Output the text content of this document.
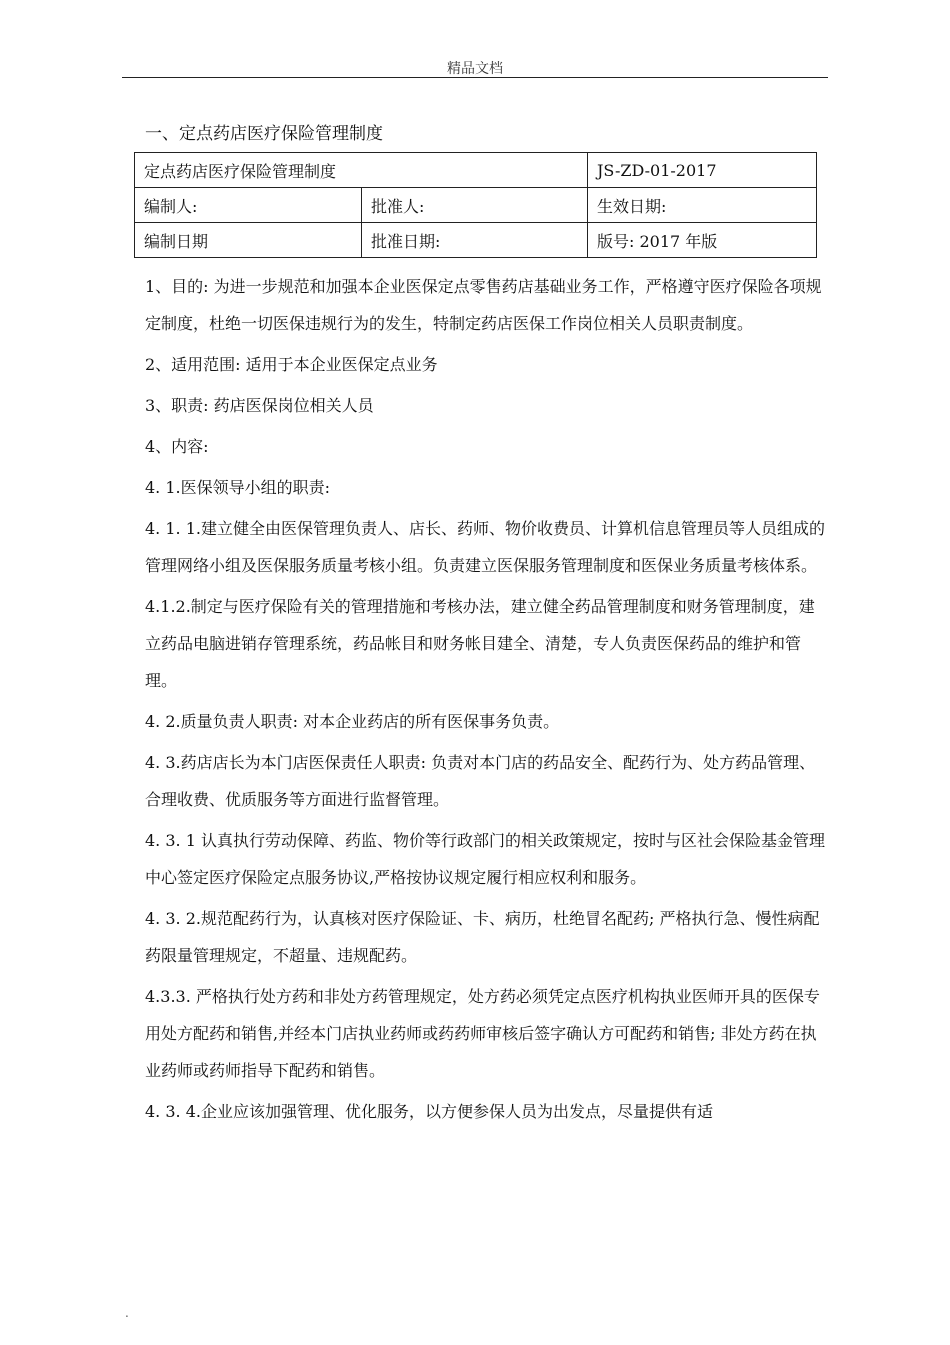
精品文档
一、定点药店医疗保险管理制度
定点药店医疗保险管理制度		JS-ZD-01-2017
编制人:	批准人:	生效日期:
编制日期	批准日期:	版号: 2017 年版

1、目的: 为进一步规范和加强本企业医保定点零售药店基础业务工作，严格遵守医疗保险各项规定制度，杜绝一切医保违规行为的发生，特制定药店医保工作岗位相关人员职责制度。

2、适用范围: 适用于本企业医保定点业务

3、职责: 药店医保岗位相关人员

4、内容:

4. 1.医保领导小组的职责:

4. 1. 1.建立健全由医保管理负责人、店长、药师、物价收费员、计算机信息管理员等人员组成的管理网络小组及医保服务质量考核小组。负责建立医保服务管理制度和医保业务质量考核体系。

4.1.2.制定与医疗保险有关的管理措施和考核办法，建立健全药品管理制度和财务管理制度，建立药品电脑进销存管理系统，药品帐目和财务帐目建全、清楚，专人负责医保药品的维护和管理。

4. 2.质量负责人职责: 对本企业药店的所有医保事务负责。

4. 3.药店店长为本门店医保责任人职责: 负责对本门店的药品安全、配药行为、处方药品管理、合理收费、优质服务等方面进行监督管理。

4. 3. 1 认真执行劳动保障、药监、物价等行政部门的相关政策规定，按时与区社会保险基金管理中心签定医疗保险定点服务协议,严格按协议规定履行相应权利和服务。

4. 3. 2.规范配药行为，认真核对医疗保险证、卡、病历，杜绝冒名配药; 严格执行急、慢性病配药限量管理规定，不超量、违规配药。

4.3.3. 严格执行处方药和非处方药管理规定，处方药必须凭定点医疗机构执业医师开具的医保专用处方配药和销售,并经本门店执业药师或药药师审核后签字确认方可配药和销售; 非处方药在执业药师或药师指导下配药和销售。

4. 3. 4.企业应该加强管理、优化服务，以方便参保人员为出发点，尽量提供有适

.
